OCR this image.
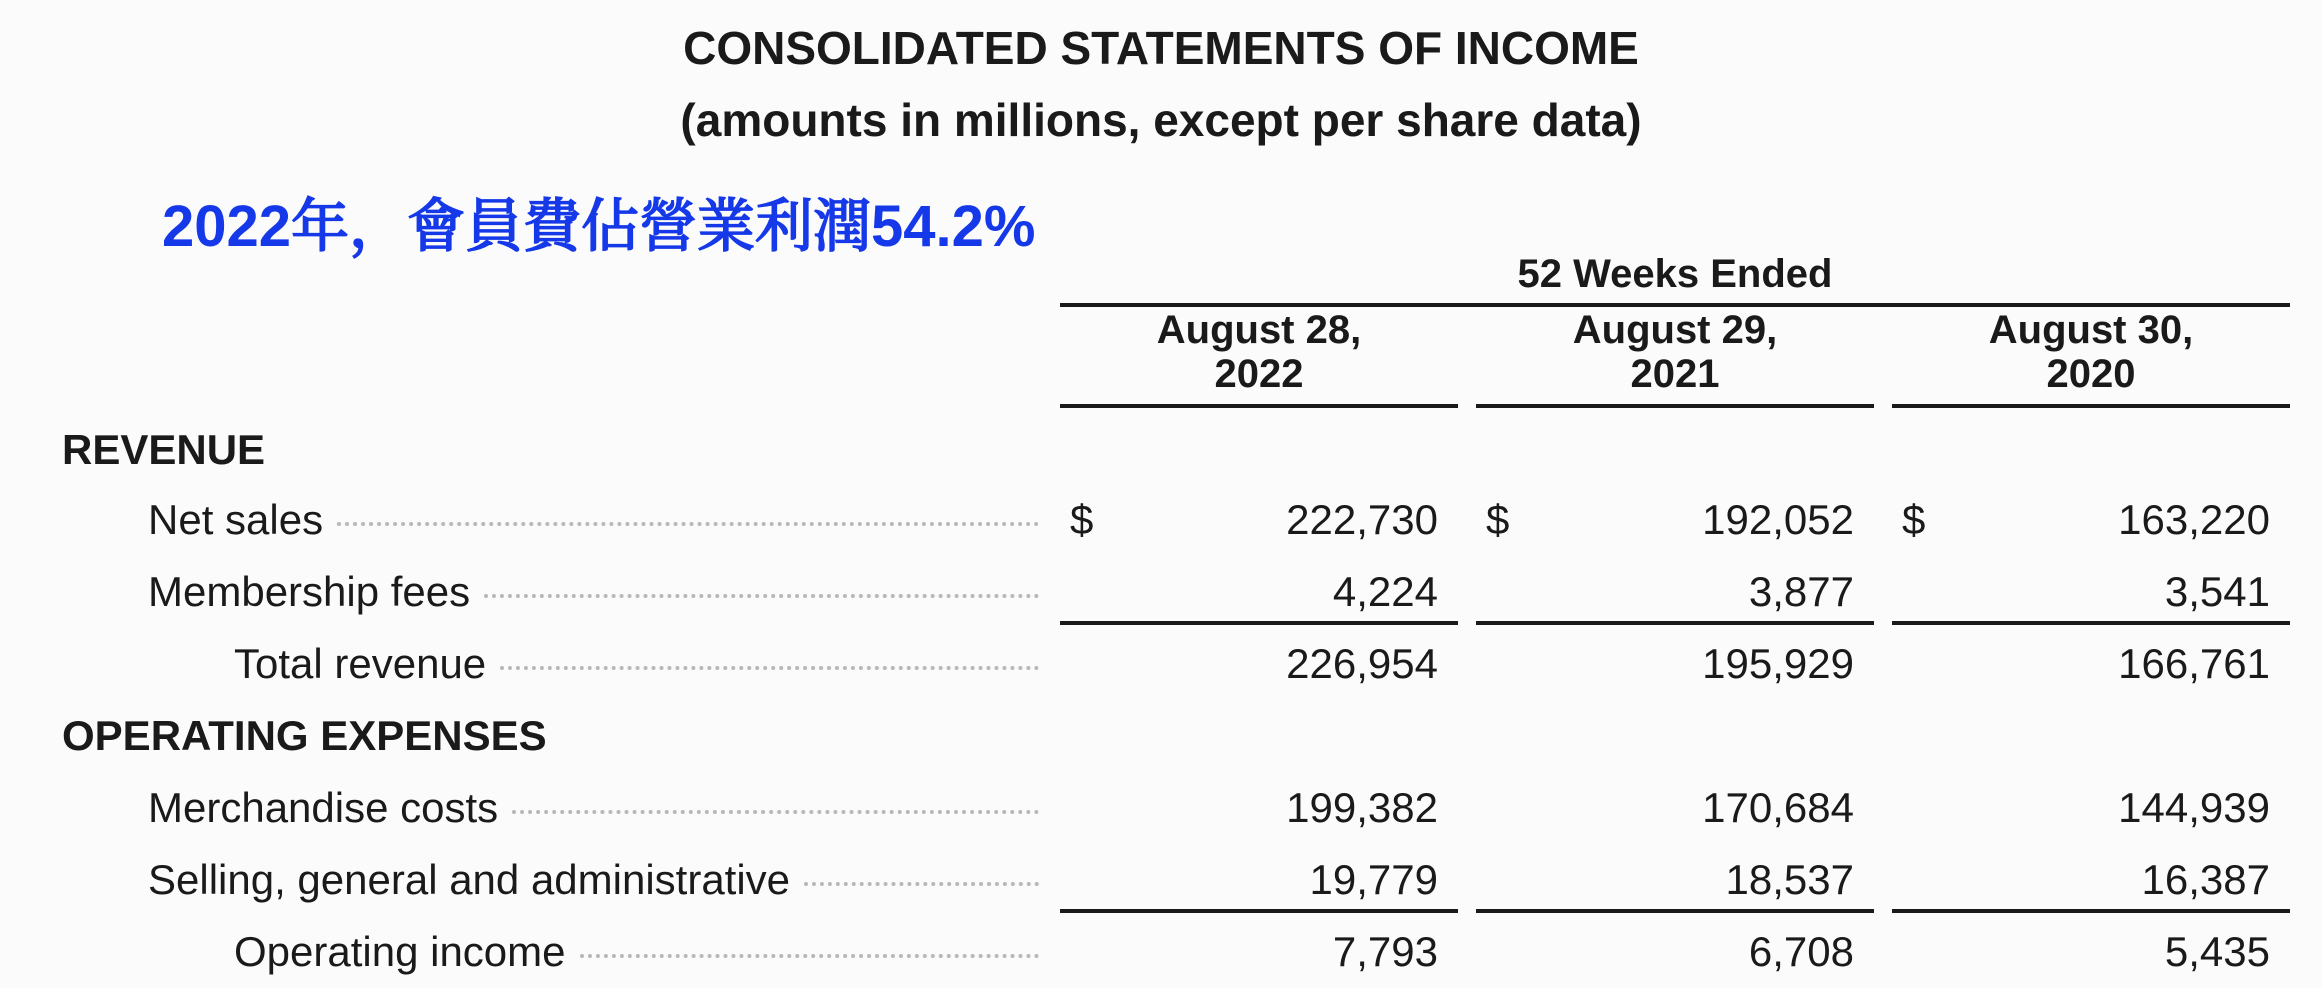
CONSOLIDATED STATEMENTS OF INCOME
(amounts in millions, except per share data)
2022年，會員費佔營業利潤54.2%
52 Weeks Ended
August 28,
2022
August 29,
2021
August 30,
2020
REVENUE
Net sales	$	222,730 $	192,052 $	163,220
Membership fees	4,224	3,877	3,541
Total revenue	226,954	195,929	166,761
OPERATING EXPENSES
Merchandise costs	199,382	170,684	144,939
Selling, general and administrative	19,779	18,537	16,387
Operating income	7,793	6,708	5,435
